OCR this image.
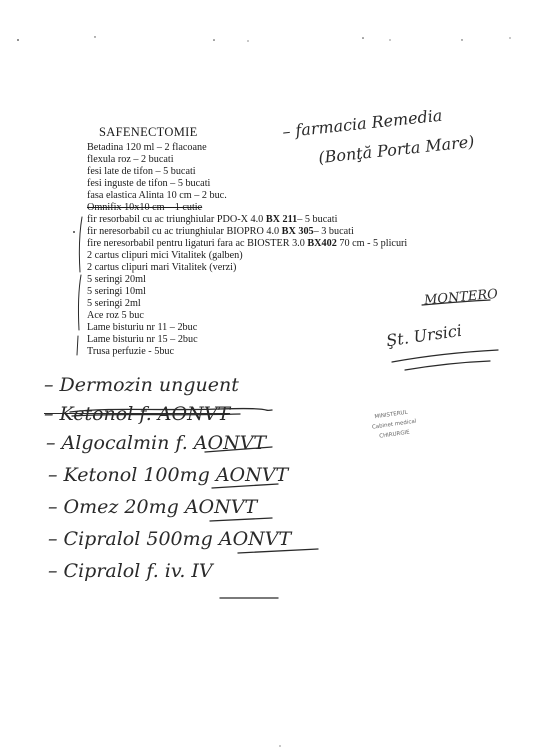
SAFENECTOMIE
Betadina 120 ml – 2 flacoane
flexula roz – 2 bucati
fesi late de tifon – 5 bucati
fesi inguste de tifon – 5 bucati
fasa elastica Alinta 10 cm – 2 buc.
Omnifix 10x10 cm – 1 cutie
fir resorbabil cu ac triunghiular PDO-X 4.0 BX 211– 5 bucati
fir neresorbabil cu ac triunghiular BIOPRO 4.0 BX 305– 3 bucati
fire neresorbabil pentru ligaturi fara ac BIOSTER 3.0 BX402 70 cm - 5 plicuri
2 cartus clipuri mici Vitalitek (galben)
2 cartus clipuri mari Vitalitek (verzi)
5 seringi 20ml
5 seringi 10ml
5 seringi 2ml
Ace roz 5 buc
Lame bisturiu nr 11 – 2buc
Lame bisturiu nr 15 – 2buc
Trusa perfuzie - 5buc
– farmacia Remedia
(Bonţă Porta Mare)
MONTERO
Şt. Ursici
– Dermozin unguent
– Ketonol f. AONVT
– Algocalmin f. AONVT
– Ketonol 100mg AONVT
– Omez 20mg AONVT
– Cipralol 500mg AONVT
– Cipralol f. iv. IV
MINISTERUL
Cabinet medical
CHIRURGIE
